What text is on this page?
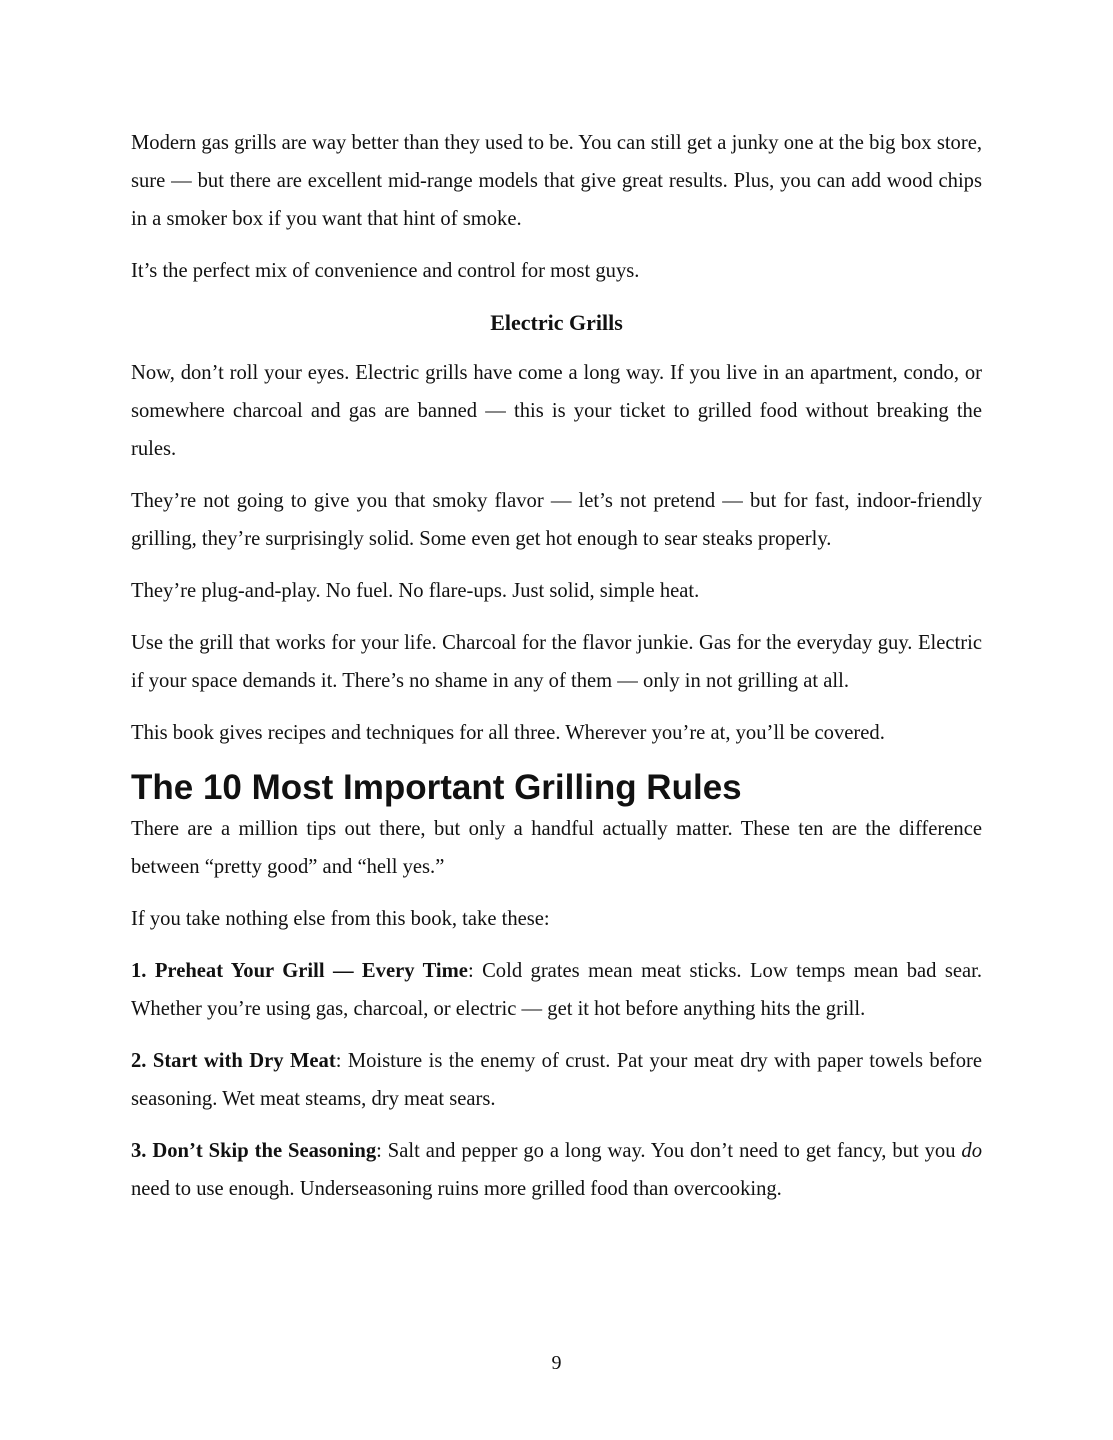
Modern gas grills are way better than they used to be. You can still get a junky one at the big box store, sure — but there are excellent mid-range models that give great results. Plus, you can add wood chips in a smoker box if you want that hint of smoke.

It’s the perfect mix of convenience and control for most guys.

Electric Grills

Now, don’t roll your eyes. Electric grills have come a long way. If you live in an apartment, condo, or somewhere charcoal and gas are banned — this is your ticket to grilled food without breaking the rules.

They’re not going to give you that smoky flavor — let’s not pretend — but for fast, indoor-friendly grilling, they’re surprisingly solid. Some even get hot enough to sear steaks properly.

They’re plug-and-play. No fuel. No flare-ups. Just solid, simple heat.

Use the grill that works for your life. Charcoal for the flavor junkie. Gas for the everyday guy. Electric if your space demands it. There’s no shame in any of them — only in not grilling at all.

This book gives recipes and techniques for all three. Wherever you’re at, you’ll be covered.

The 10 Most Important Grilling Rules

There are a million tips out there, but only a handful actually matter. These ten are the difference between “pretty good” and “hell yes.”

If you take nothing else from this book, take these:

1. Preheat Your Grill — Every Time: Cold grates mean meat sticks. Low temps mean bad sear. Whether you’re using gas, charcoal, or electric — get it hot before anything hits the grill.

2. Start with Dry Meat: Moisture is the enemy of crust. Pat your meat dry with paper towels before seasoning. Wet meat steams, dry meat sears.

3. Don’t Skip the Seasoning: Salt and pepper go a long way. You don’t need to get fancy, but you do need to use enough. Underseasoning ruins more grilled food than overcooking.

9
